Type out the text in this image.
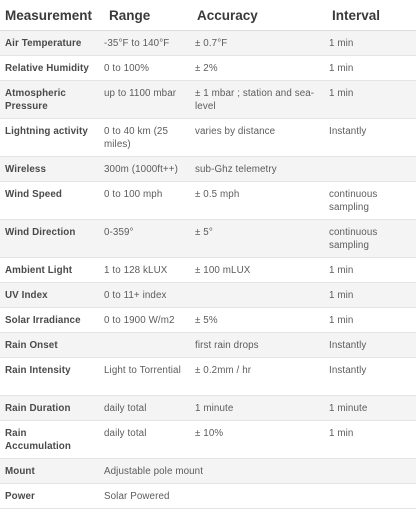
Measurement	Range	Accuracy	Interval
Air Temperature	-35°F to 140°F	± 0.7°F	1 min
Relative Humidity	0 to 100%	± 2%	1 min
Atmospheric Pressure	up to 1100 mbar	± 1 mbar ; station and sea-level	1 min
Lightning activity	0 to 40 km (25 miles)	varies by distance	Instantly
Wireless	300m (1000ft++)	sub-Ghz telemetry	
Wind Speed	0 to 100 mph	± 0.5 mph	continuous sampling
Wind Direction	0-359°	± 5°	continuous sampling
Ambient Light	1 to 128 kLUX	± 100 mLUX	1 min
UV Index	0 to 11+ index		1 min
Solar Irradiance	0 to 1900 W/m2	± 5%	1 min
Rain Onset		first rain drops	Instantly
Rain Intensity	Light to Torrential	± 0.2mm / hr	Instantly
Rain Duration	daily total	1 minute	1 minute
Rain Accumulation	daily total	± 10%	1 min
Mount	Adjustable pole mount		
Power	Solar Powered		
